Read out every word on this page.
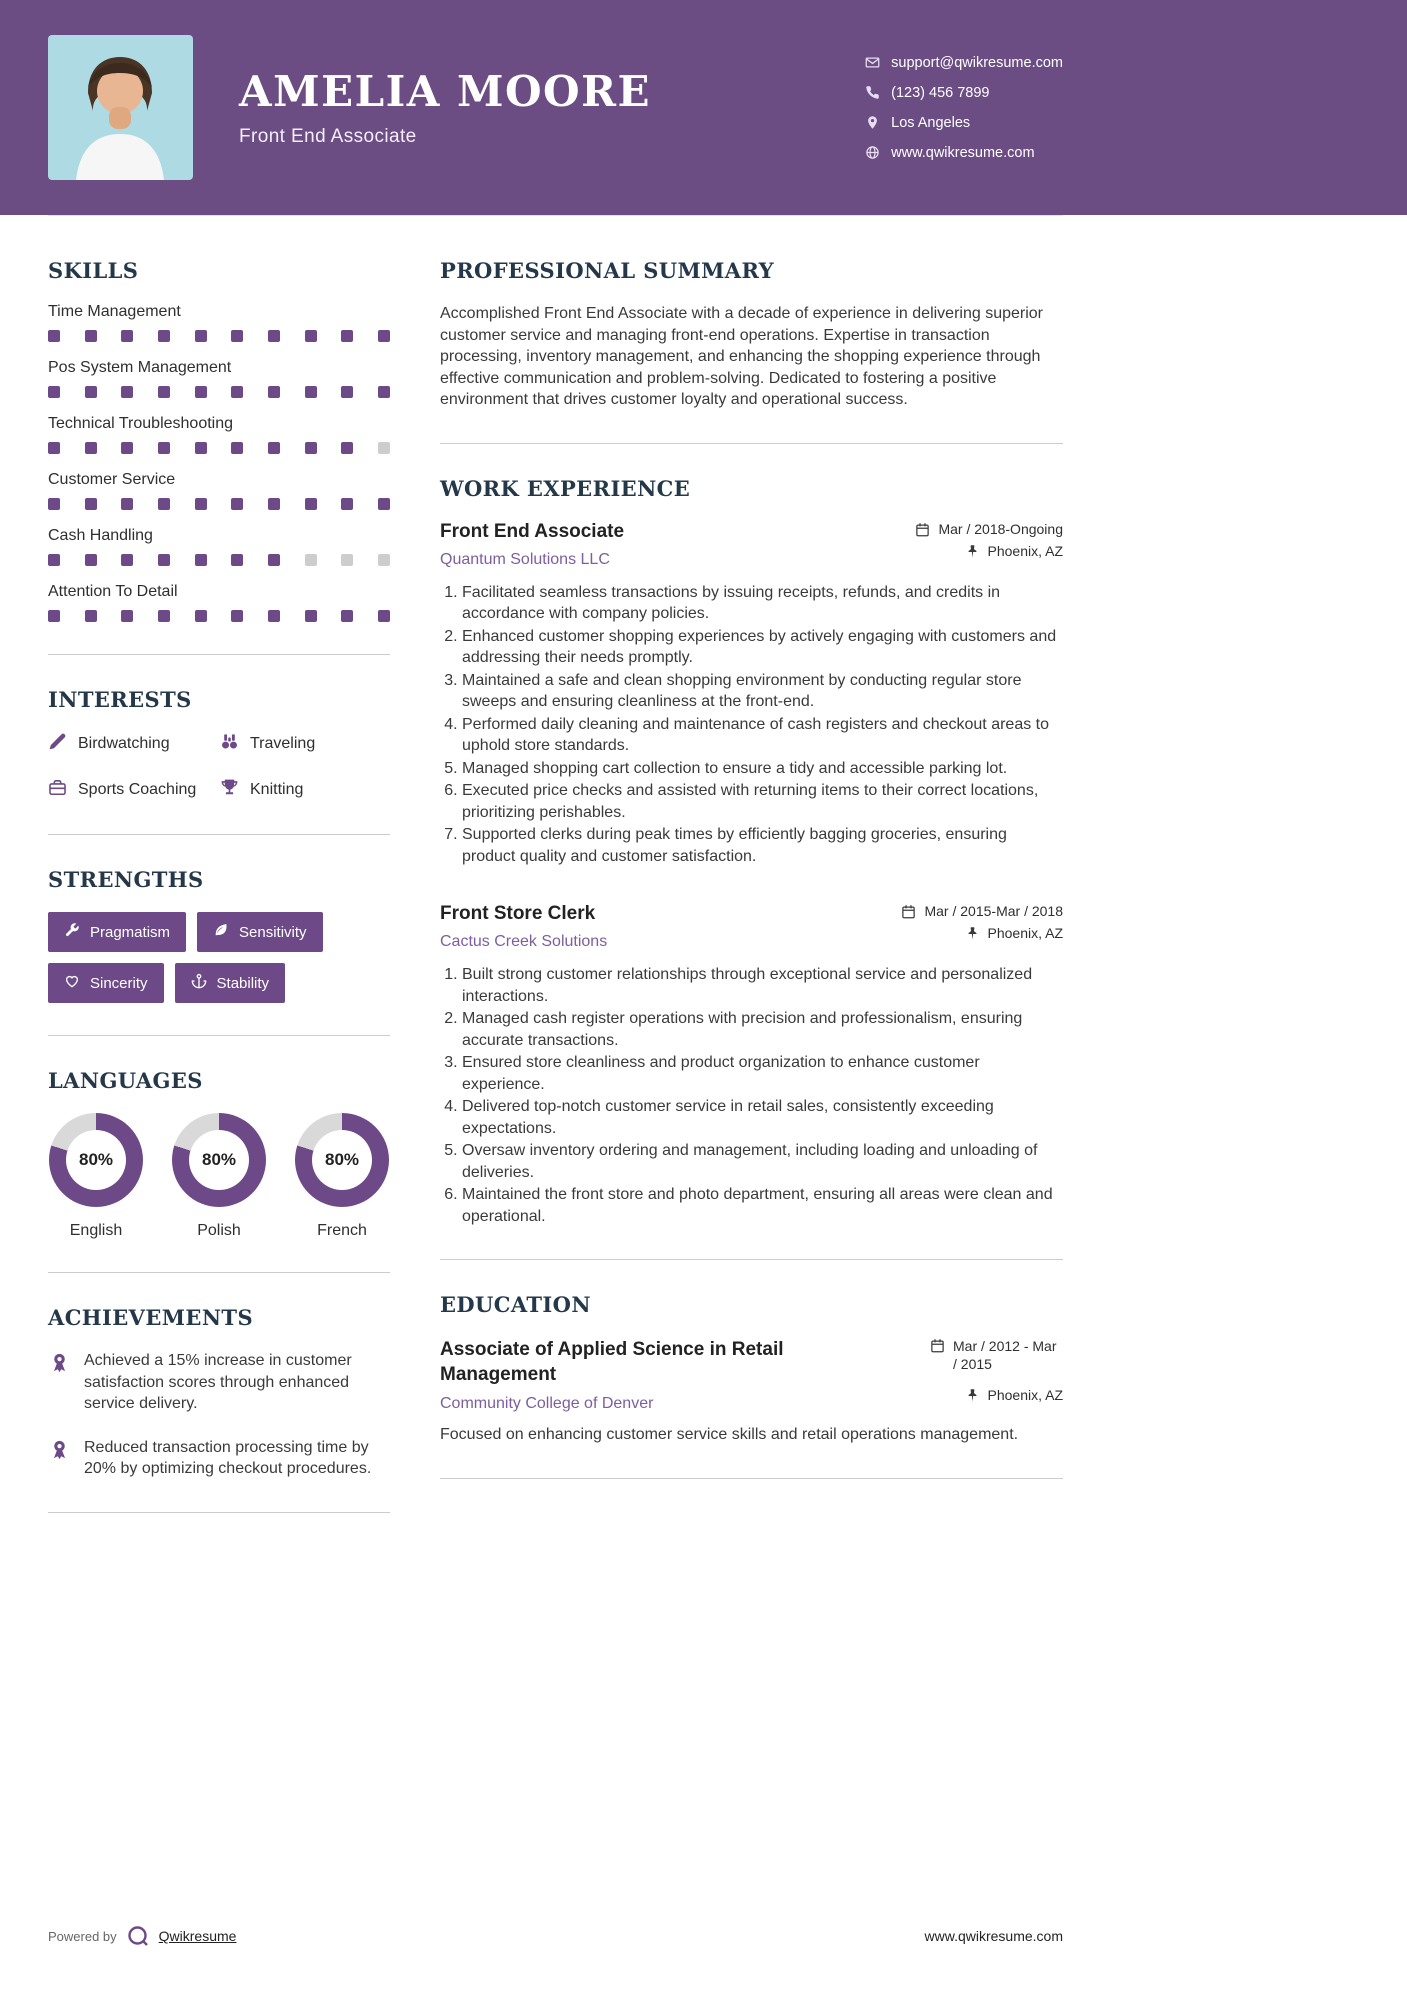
AMELIA MOORE
Front End Associate
support@qwikresume.com
(123) 456 7899
Los Angeles
www.qwikresume.com
SKILLS
Time Management
Pos System Management
Technical Troubleshooting
Customer Service
Cash Handling
Attention To Detail
INTERESTS
Birdwatching	Traveling
Sports Coaching	Knitting
STRENGTHS
Pragmatism	Sensitivity
Sincerity	Stability
LANGUAGES
80%
English
80%
Polish
80%
French
ACHIEVEMENTS

Achieved a 15% increase in customer satisfaction scores through enhanced service delivery.

Reduced transaction processing time by 20% by optimizing checkout procedures.

PROFESSIONAL SUMMARY

Accomplished Front End Associate with a decade of experience in delivering superior customer service and managing front-end operations. Expertise in transaction processing, inventory management, and enhancing the shopping experience through effective communication and problem-solving. Dedicated to fostering a positive environment that drives customer loyalty and operational success.

WORK EXPERIENCE
Front End Associate	Mar / 2018-Ongoing
Quantum Solutions LLC	Phoenix, AZ
1. Facilitated seamless transactions by issuing receipts, refunds, and credits in accordance with company policies.
2. Enhanced customer shopping experiences by actively engaging with customers and addressing their needs promptly.
3. Maintained a safe and clean shopping environment by conducting regular store sweeps and ensuring cleanliness at the front-end.
4. Performed daily cleaning and maintenance of cash registers and checkout areas to uphold store standards.
5. Managed shopping cart collection to ensure a tidy and accessible parking lot.
6. Executed price checks and assisted with returning items to their correct locations, prioritizing perishables.
7. Supported clerks during peak times by efficiently bagging groceries, ensuring product quality and customer satisfaction.
Front Store Clerk	Mar / 2015-Mar / 2018
Cactus Creek Solutions	Phoenix, AZ
1. Built strong customer relationships through exceptional service and personalized interactions.
2. Managed cash register operations with precision and professionalism, ensuring accurate transactions.
3. Ensured store cleanliness and product organization to enhance customer experience.
4. Delivered top-notch customer service in retail sales, consistently exceeding expectations.
5. Oversaw inventory ordering and management, including loading and unloading of deliveries.
6. Maintained the front store and photo department, ensuring all areas were clean and operational.
EDUCATION
Associate of Applied Science in Retail Management
Mar / 2012 - Mar / 2015
Community College of Denver	Phoenix, AZ

Focused on enhancing customer service skills and retail operations management.

Powered by	Qwikresume	www.qwikresume.com
